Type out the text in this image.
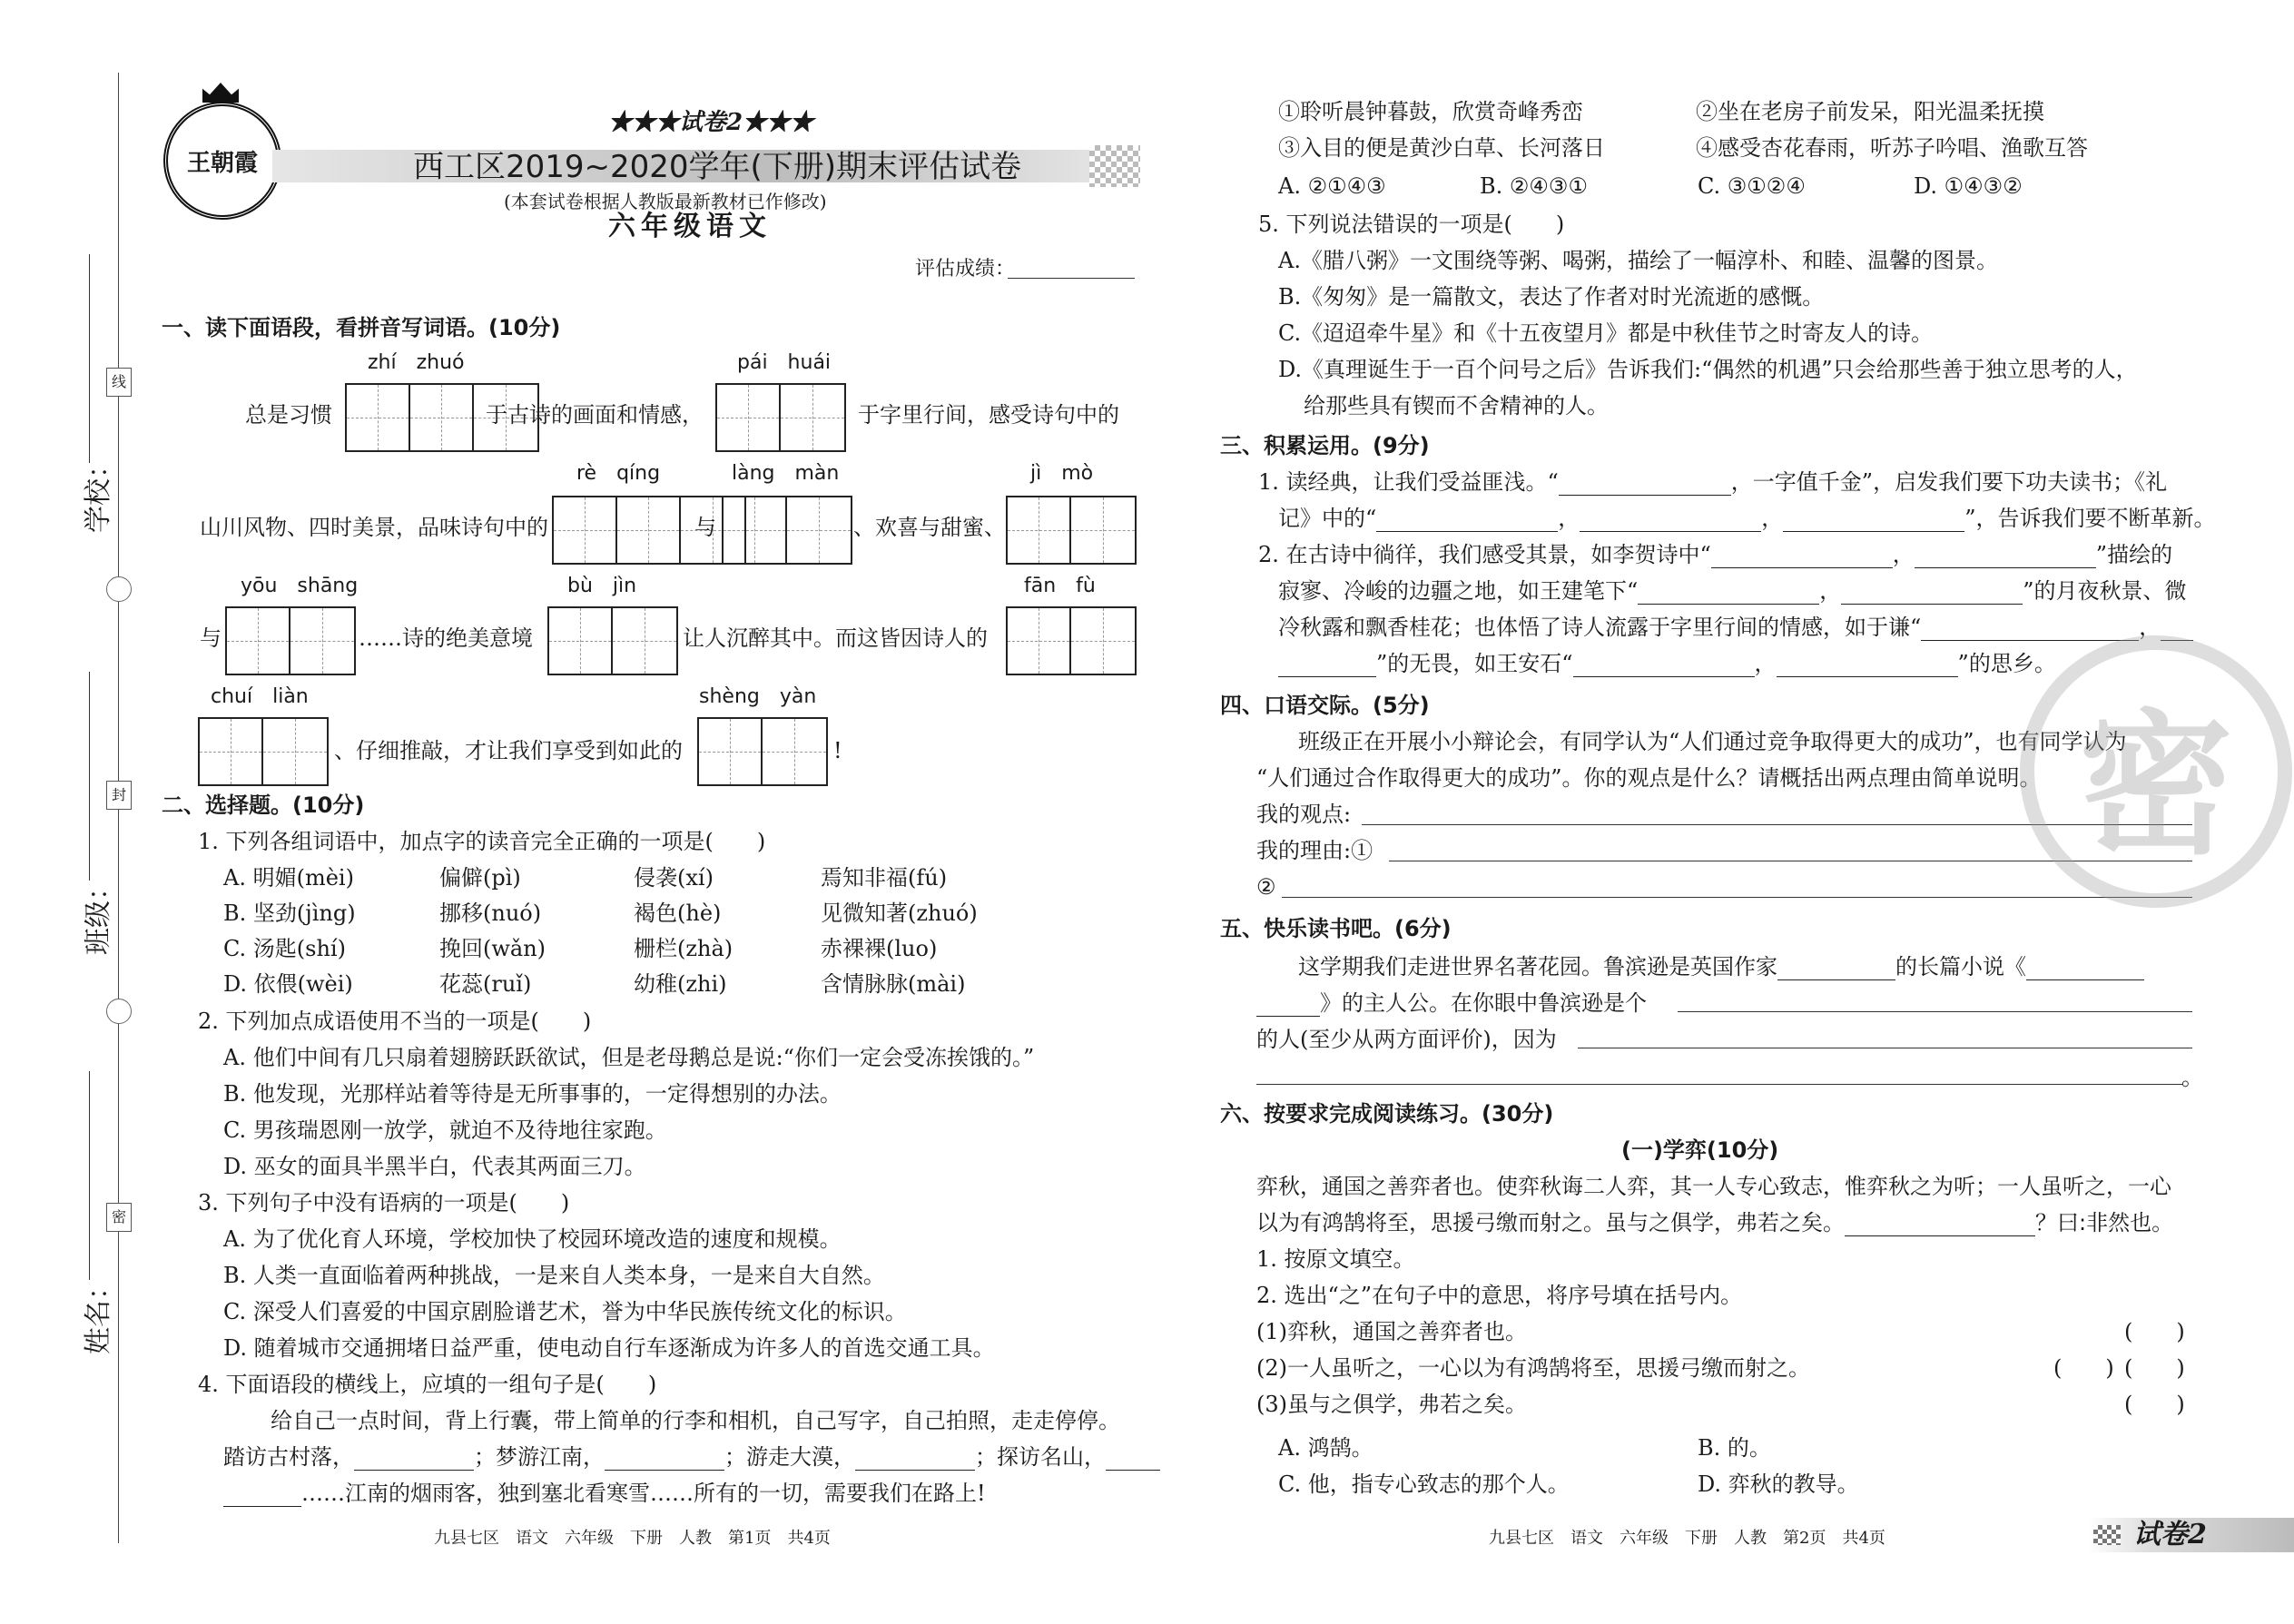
学校：
班级：
姓名：
线
封
密
王朝霞
★★★试卷2★★★
西工区2019~2020学年(下册)期末评估试卷
(本套试卷根据人教版最新教材已作修改)
六年级语文
评估成绩：
一、读下面语段，看拼音写词语。(10分)
zhí　zhuó	pái　huái
总是习惯	于古诗的画面和情感，	于字里行间，感受诗句中的
rè　qíng	làng　màn	jì　mò
山川风物、四时美景，品味诗句中的	与	、欢喜与甜蜜、
yōu　shāng	bù　jìn	fān　fù
与	……诗的绝美意境	让人沉醉其中。而这皆因诗人的
chuí　liàn	shèng　yàn
、仔细推敲，才让我们享受到如此的	!
二、选择题。(10分)
1. 下列各组词语中，加点字的读音完全正确的一项是(　　)
A. 明媚(mèi)	偏僻(pì)	侵袭(xí)	焉知非福(fú)
B. 坚劲(jìng)	挪移(nuó)	褐色(hè)	见微知著(zhuó)
C. 汤匙(shí)	挽回(wǎn)	栅栏(zhà)	赤裸裸(luo)
D. 依偎(wèi)	花蕊(ruǐ)	幼稚(zhi)	含情脉脉(mài)
2. 下列加点成语使用不当的一项是(　　)
A. 他们中间有几只扇着翅膀跃跃欲试，但是老母鹅总是说:“你们一定会受冻挨饿的。”
B. 他发现，光那样站着等待是无所事事的，一定得想别的办法。
C. 男孩瑞恩刚一放学，就迫不及待地往家跑。
D. 巫女的面具半黑半白，代表其两面三刀。
3. 下列句子中没有语病的一项是(　　)
A. 为了优化育人环境，学校加快了校园环境改造的速度和规模。
B. 人类一直面临着两种挑战，一是来自人类本身，一是来自大自然。
C. 深受人们喜爱的中国京剧脸谱艺术，誉为中华民族传统文化的标识。
D. 随着城市交通拥堵日益严重，使电动自行车逐渐成为许多人的首选交通工具。
4. 下面语段的横线上，应填的一组句子是(　　)
给自己一点时间，背上行囊，带上简单的行李和相机，自己写字，自己拍照，走走停停。
踏访古村落，	；梦游江南，	；游走大漠，	；探访名山，
……江南的烟雨客，独到塞北看寒雪……所有的一切，需要我们在路上!
九县七区　语文　六年级　下册　人教　第1页　共4页
①聆听晨钟暮鼓，欣赏奇峰秀峦	②坐在老房子前发呆，阳光温柔抚摸
③入目的便是黄沙白草、长河落日	④感受杏花春雨，听苏子吟唱、渔歌互答
A. ②①④③	B. ②④③①	C. ③①②④	D. ①④③②
5. 下列说法错误的一项是(　　)
A.《腊八粥》一文围绕等粥、喝粥，描绘了一幅淳朴、和睦、温馨的图景。
B.《匆匆》是一篇散文，表达了作者对时光流逝的感慨。
C.《迢迢牵牛星》和《十五夜望月》都是中秋佳节之时寄友人的诗。
D.《真理诞生于一百个问号之后》告诉我们:“偶然的机遇”只会给那些善于独立思考的人，
给那些具有锲而不舍精神的人。
三、积累运用。(9分)
1. 读经典，让我们受益匪浅。“	，一字值千金”，启发我们要下功夫读书；《礼
记》中的“	，	，	”，告诉我们要不断革新。
2. 在古诗中徜徉，我们感受其景，如李贺诗中“	，	”描绘的
寂寥、冷峻的边疆之地，如王建笔下“	，	”的月夜秋景、微
冷秋露和飘香桂花；也体悟了诗人流露于字里行间的情感，如于谦“	，
”的无畏，如王安石“	，	”的思乡。
四、口语交际。(5分)
班级正在开展小小辩论会，有同学认为“人们通过竞争取得更大的成功”，也有同学认为
“人们通过合作取得更大的成功”。你的观点是什么？请概括出两点理由简单说明。
我的观点:
我的理由:①
②
五、快乐读书吧。(6分)
这学期我们走进世界名著花园。鲁滨逊是英国作家	的长篇小说《
》的主人公。在你眼中鲁滨逊是个
的人(至少从两方面评价)，因为
。
六、按要求完成阅读练习。(30分)
(一)学弈(10分)
弈秋，通国之善弈者也。使弈秋诲二人弈，其一人专心致志，惟弈秋之为听；一人虽听之，一心
以为有鸿鹄将至，思援弓缴而射之。虽与之俱学，弗若之矣。	？曰:非然也。
1. 按原文填空。
2. 选出“之”在句子中的意思，将序号填在括号内。
(1)弈秋，通国之善弈者也。	(　　)
(2)一人虽听之，一心以为有鸿鹄将至，思援弓缴而射之。	(　　) (　　)
(3)虽与之俱学，弗若之矣。	(　　)
A. 鸿鹄。	B. 的。
C. 他，指专心致志的那个人。	D. 弈秋的教导。
九县七区　语文　六年级　下册　人教　第2页　共4页	试卷2
密
